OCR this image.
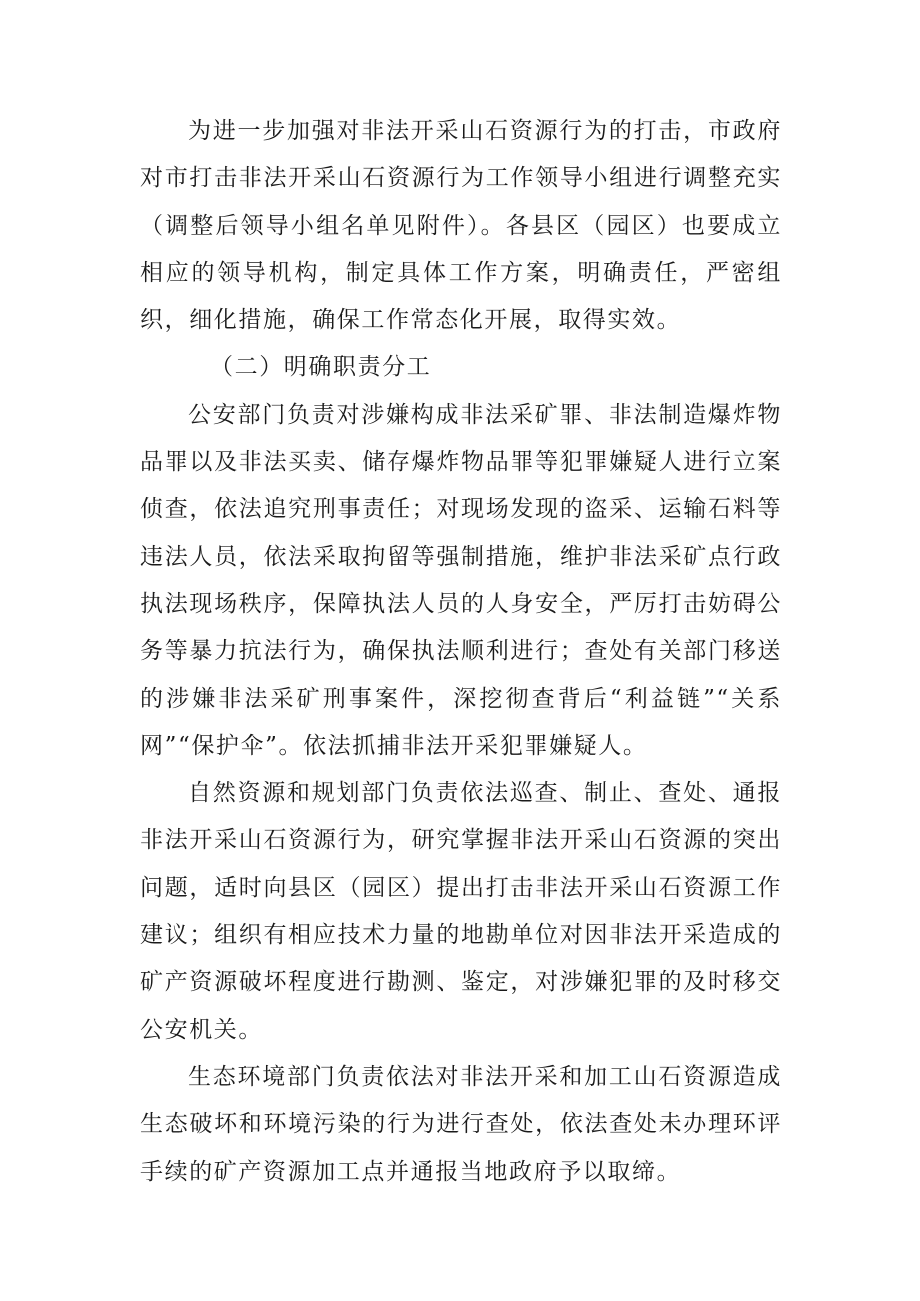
为进一步加强对非法开采山石资源行为的打击，市政府对市打击非法开采山石资源行为工作领导小组进行调整充实（调整后领导小组名单见附件）。各县区（园区）也要成立相应的领导机构，制定具体工作方案，明确责任，严密组织，细化措施，确保工作常态化开展，取得实效。

（二）明确职责分工

公安部门负责对涉嫌构成非法采矿罪、非法制造爆炸物品罪以及非法买卖、储存爆炸物品罪等犯罪嫌疑人进行立案侦查，依法追究刑事责任；对现场发现的盗采、运输石料等违法人员，依法采取拘留等强制措施，维护非法采矿点行政执法现场秩序，保障执法人员的人身安全，严厉打击妨碍公务等暴力抗法行为，确保执法顺利进行；查处有关部门移送的涉嫌非法采矿刑事案件，深挖彻查背后“利益链”“关系网”“保护伞”。依法抓捕非法开采犯罪嫌疑人。

自然资源和规划部门负责依法巡查、制止、查处、通报非法开采山石资源行为，研究掌握非法开采山石资源的突出问题，适时向县区（园区）提出打击非法开采山石资源工作建议；组织有相应技术力量的地勘单位对因非法开采造成的矿产资源破坏程度进行勘测、鉴定，对涉嫌犯罪的及时移交公安机关。

生态环境部门负责依法对非法开采和加工山石资源造成生态破坏和环境污染的行为进行查处，依法查处未办理环评手续的矿产资源加工点并通报当地政府予以取缔。
